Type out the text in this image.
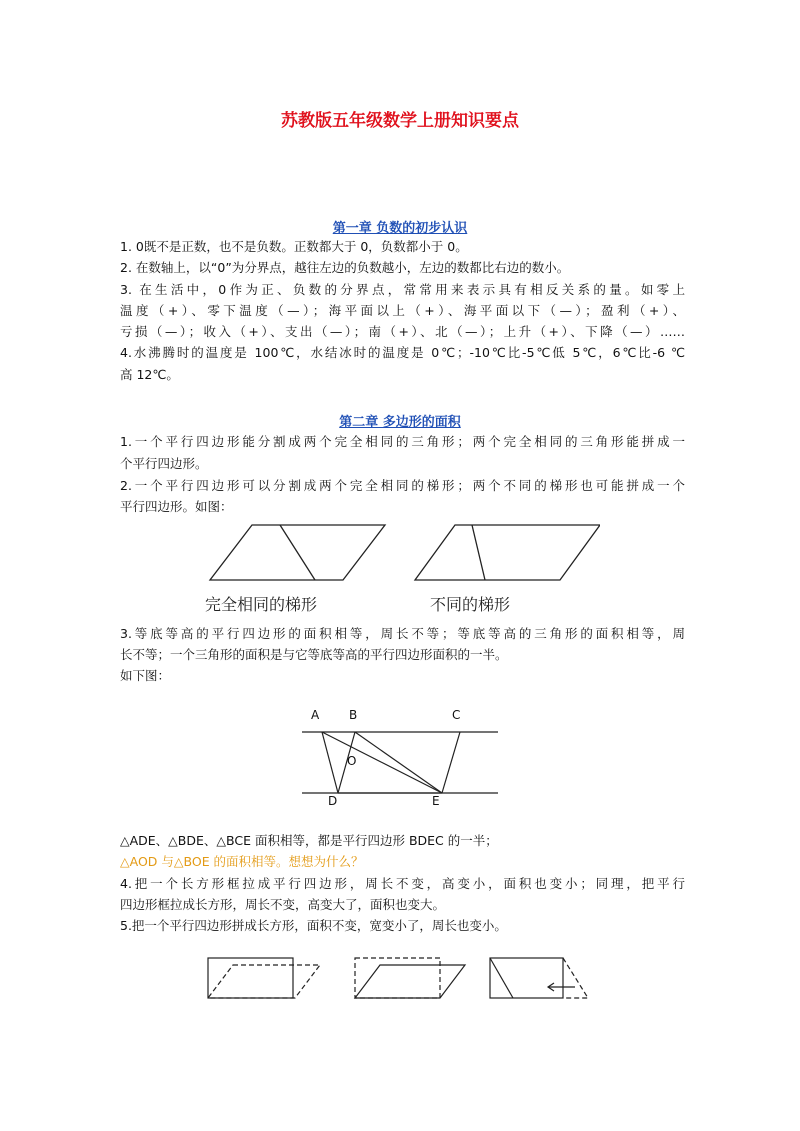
苏教版五年级数学上册知识要点
第一章 负数的初步认识
1. 0既不是正数，也不是负数。正数都大于 0，负数都小于 0。
2. 在数轴上，以“0”为分界点，越往左边的负数越小，左边的数都比右边的数小。
3. 在生活中，0作为正、负数的分界点，常常用来表示具有相反关系的量。如零上
温度（+）、零下温度（—）；海平面以上（+）、海平面以下（—）；盈利（+）、
亏损（—）；收入（+）、支出（—）；南（+）、北（—）；上升（+）、下降（—）……
4.水沸腾时的温度是 100℃，水结冰时的温度是 0℃；-10℃比-5℃低 5℃，6℃比-6 ℃
高 12℃。
第二章 多边形的面积
1.一个平行四边形能分割成两个完全相同的三角形；两个完全相同的三角形能拼成一
个平行四边形。
2.一个平行四边形可以分割成两个完全相同的梯形；两个不同的梯形也可能拼成一个
平行四边形。如图：
完全相同的梯形	不同的梯形
3.等底等高的平行四边形的面积相等，周长不等；等底等高的三角形的面积相等，周
长不等；一个三角形的面积是与它等底等高的平行四边形面积的一半。
如下图：
A B	C
O
D	E
△ADE、△BDE、△BCE 面积相等，都是平行四边形 BDEC 的一半；
△AOD 与△BOE 的面积相等。想想为什么？
4.把一个长方形框拉成平行四边形，周长不变，高变小，面积也变小；同理，把平行
四边形框拉成长方形，周长不变，高变大了，面积也变大。
5.把一个平行四边形拼成长方形，面积不变，宽变小了，周长也变小。
